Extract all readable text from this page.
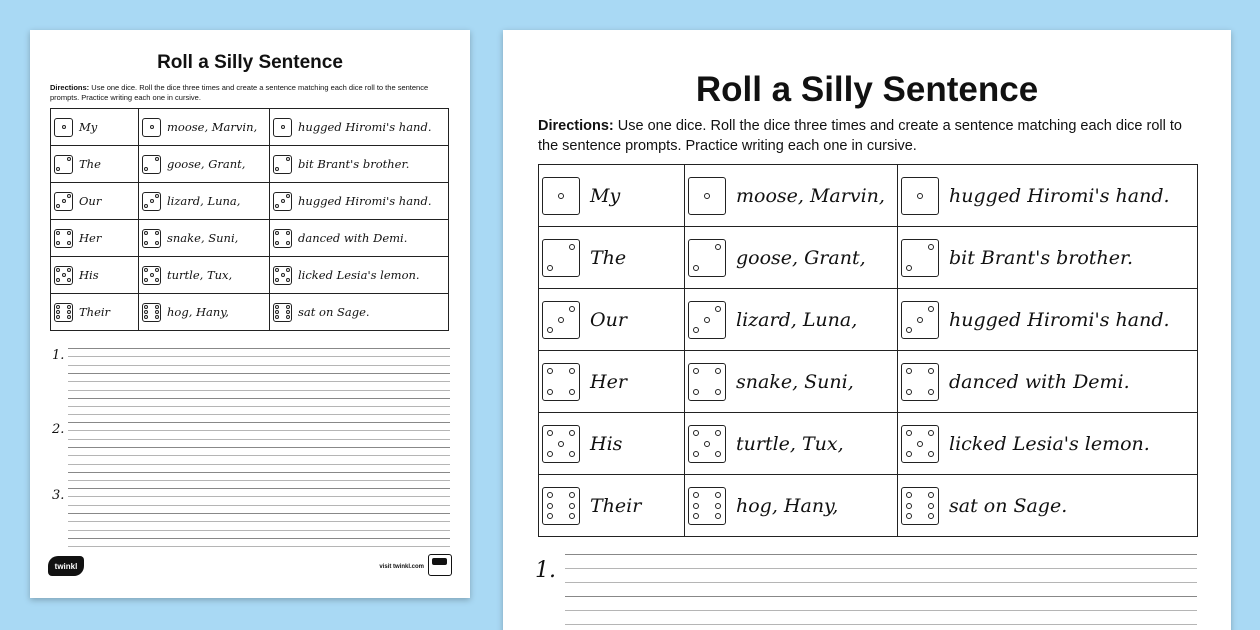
Roll a Silly Sentence
Directions: Use one dice. Roll the dice three times and create a sentence matching each dice roll to the sentence prompts. Practice writing each one in cursive.
My	moose, Marvin,	hugged Hiromi's hand.

The	goose, Grant,	bit Brant's brother.

Our	lizard, Luna,	hugged Hiromi's hand.

Her	snake, Suni,	danced with Demi.

His	turtle, Tux,	licked Lesia's lemon.

Their	hog, Hany,	sat on Sage.
1.
2.
3.
twinkl	visit twinkl.com
Roll a Silly Sentence
Directions: Use one dice. Roll the dice three times and create a sentence matching each dice roll to the sentence prompts. Practice writing each one in cursive.
My	moose, Marvin,	hugged Hiromi's hand.

The	goose, Grant,	bit Brant's brother.

Our	lizard, Luna,	hugged Hiromi's hand.

Her	snake, Suni,	danced with Demi.

His	turtle, Tux,	licked Lesia's lemon.

Their	hog, Hany,	sat on Sage.
1.
